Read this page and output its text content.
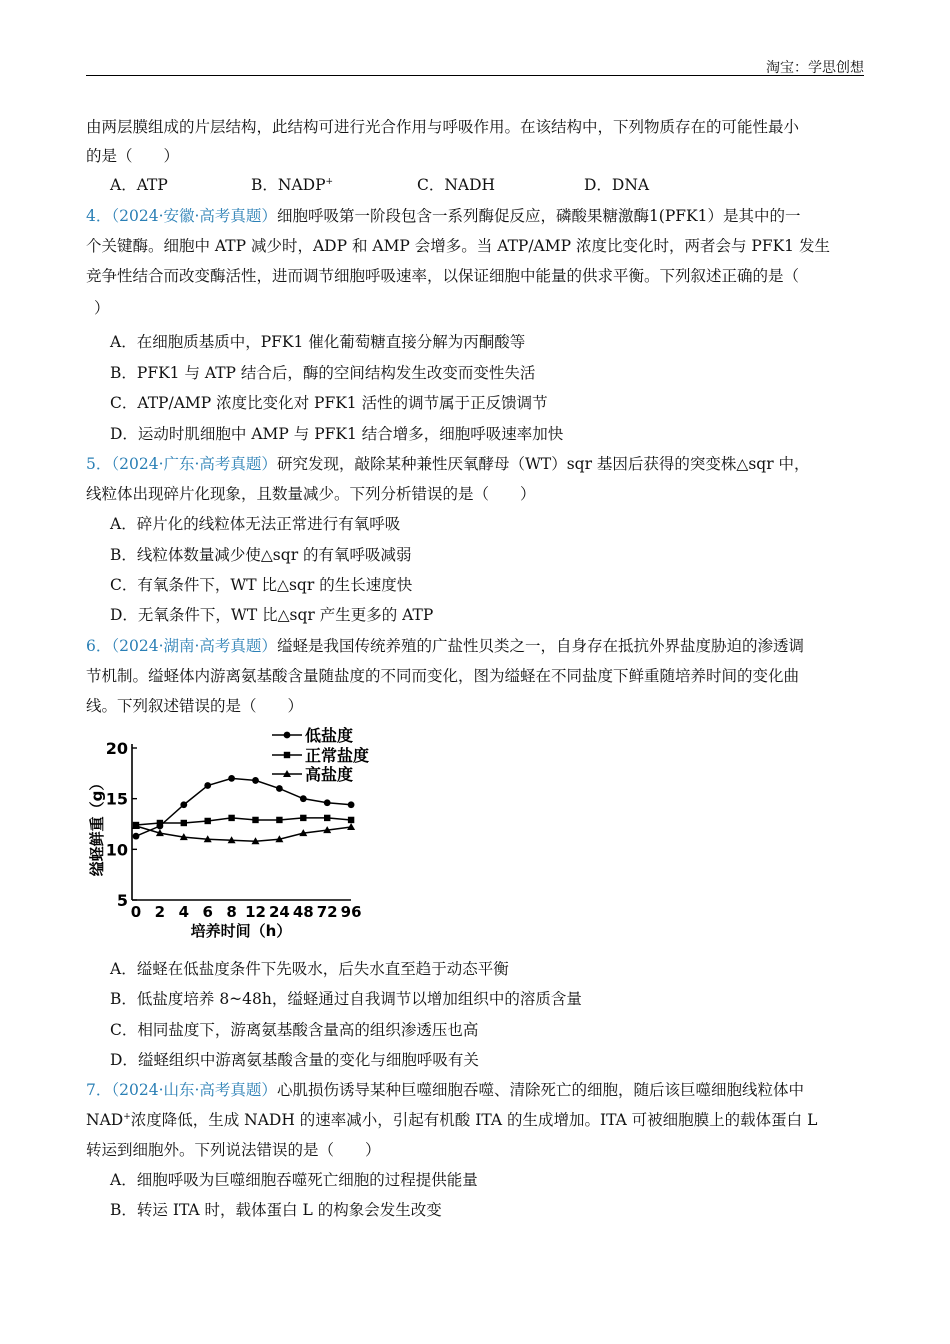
淘宝：学思创想
由两层膜组成的片层结构，此结构可进行光合作用与呼吸作用。在该结构中，下列物质存在的可能性最小
的是（　　）
A．ATP	B．NADP+	C．NADH	D．DNA
4．（2024·安徽·高考真题）细胞呼吸第一阶段包含一系列酶促反应，磷酸果糖激酶1(PFK1）是其中的一
个关键酶。细胞中 ATP 减少时，ADP 和 AMP 会增多。当 ATP/AMP 浓度比变化时，两者会与 PFK1 发生
竞争性结合而改变酶活性，进而调节细胞呼吸速率，以保证细胞中能量的供求平衡。下列叙述正确的是（
）
A．在细胞质基质中，PFK1 催化葡萄糖直接分解为丙酮酸等
B．PFK1 与 ATP 结合后，酶的空间结构发生改变而变性失活
C．ATP/AMP 浓度比变化对 PFK1 活性的调节属于正反馈调节
D．运动时肌细胞中 AMP 与 PFK1 结合增多，细胞呼吸速率加快
5．（2024·广东·高考真题）研究发现，敲除某种兼性厌氧酵母（WT）sqr 基因后获得的突变株△sqr 中，
线粒体出现碎片化现象，且数量减少。下列分析错误的是（　　）
A．碎片化的线粒体无法正常进行有氧呼吸
B．线粒体数量减少使△sqr 的有氧呼吸减弱
C．有氧条件下，WT 比△sqr 的生长速度快
D．无氧条件下，WT 比△sqr 产生更多的 ATP
6．（2024·湖南·高考真题）缢蛏是我国传统养殖的广盐性贝类之一，自身存在抵抗外界盐度胁迫的渗透调
节机制。缢蛏体内游离氨基酸含量随盐度的不同而变化，图为缢蛏在不同盐度下鲜重随培养时间的变化曲
线。下列叙述错误的是（　　）
5
10
15
20
0 2 4 6 8 12 24 48 72 96
培养时间（h）
缢蛏鲜重（g）
低盐度
正常盐度
高盐度
A．缢蛏在低盐度条件下先吸水，后失水直至趋于动态平衡
B．低盐度培养 8~48h，缢蛏通过自我调节以增加组织中的溶质含量
C．相同盐度下，游离氨基酸含量高的组织渗透压也高
D．缢蛏组织中游离氨基酸含量的变化与细胞呼吸有关
7．（2024·山东·高考真题）心肌损伤诱导某种巨噬细胞吞噬、清除死亡的细胞，随后该巨噬细胞线粒体中
NAD+浓度降低，生成 NADH 的速率减小，引起有机酸 ITA 的生成增加。ITA 可被细胞膜上的载体蛋白 L
转运到细胞外。下列说法错误的是（　　）
A．细胞呼吸为巨噬细胞吞噬死亡细胞的过程提供能量
B．转运 ITA 时，载体蛋白 L 的构象会发生改变
